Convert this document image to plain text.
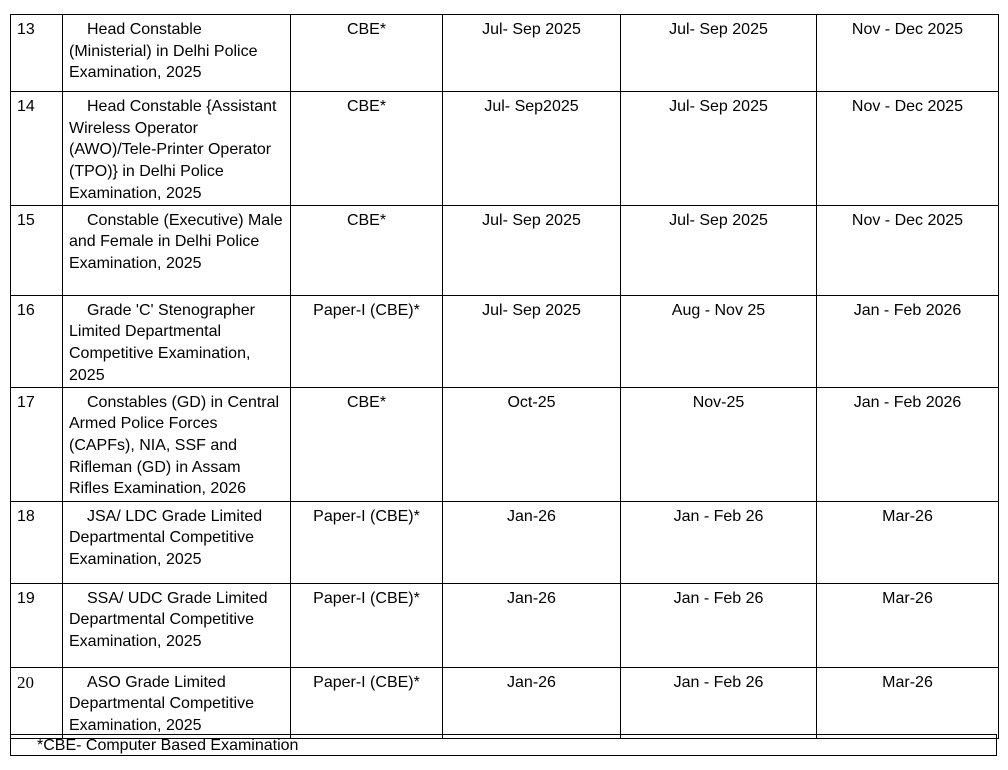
13	Head Constable (Ministerial) in Delhi Police Examination, 2025	CBE*	Jul- Sep 2025	Jul- Sep 2025	Nov - Dec 2025
14	Head Constable {Assistant Wireless Operator (AWO)/Tele-Printer Operator (TPO)} in Delhi Police Examination, 2025	CBE*	Jul- Sep2025	Jul- Sep 2025	Nov - Dec 2025
15	Constable (Executive) Male and Female in Delhi Police Examination, 2025	CBE*	Jul- Sep 2025	Jul- Sep 2025	Nov - Dec 2025
16	Grade 'C' Stenographer Limited Departmental Competitive Examination, 2025	Paper-I (CBE)*	Jul- Sep 2025	Aug - Nov 25	Jan - Feb 2026
17	Constables (GD) in Central Armed Police Forces (CAPFs), NIA, SSF and Rifleman (GD) in Assam Rifles Examination, 2026	CBE*	Oct-25	Nov-25	Jan - Feb 2026
18	JSA/ LDC Grade Limited Departmental Competitive Examination, 2025	Paper-I (CBE)*	Jan-26	Jan - Feb 26	Mar-26
19	SSA/ UDC Grade Limited Departmental Competitive Examination, 2025	Paper-I (CBE)*	Jan-26	Jan - Feb 26	Mar-26
20	ASO Grade Limited Departmental Competitive Examination, 2025	Paper-I (CBE)*	Jan-26	Jan - Feb 26	Mar-26
*CBE- Computer Based Examination
